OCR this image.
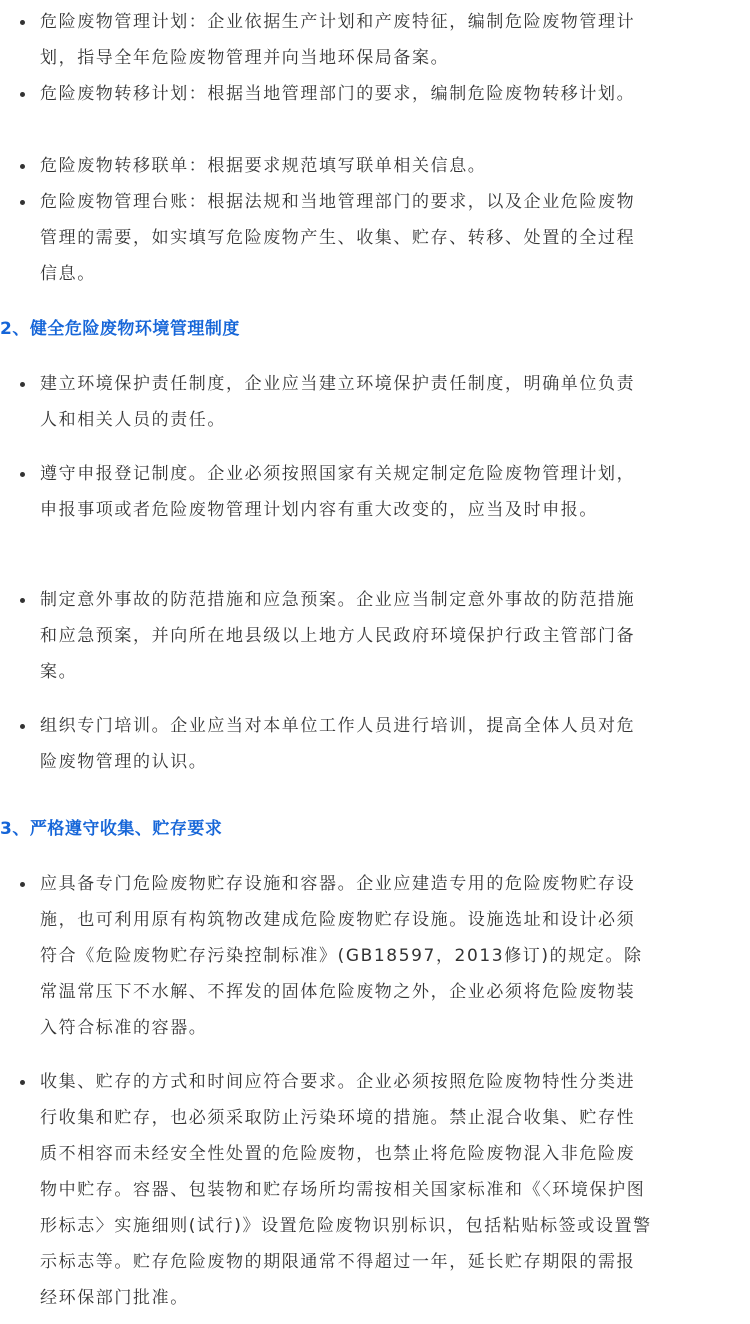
危险废物管理计划：企业依据生产计划和产废特征，编制危险废物管理计划，指导全年危险废物管理并向当地环保局备案。
危险废物转移计划：根据当地管理部门的要求，编制危险废物转移计划。
危险废物转移联单：根据要求规范填写联单相关信息。
危险废物管理台账：根据法规和当地管理部门的要求，以及企业危险废物管理的需要，如实填写危险废物产生、收集、贮存、转移、处置的全过程信息。
2、健全危险废物环境管理制度
建立环境保护责任制度，企业应当建立环境保护责任制度，明确单位负责人和相关人员的责任。
遵守申报登记制度。企业必须按照国家有关规定制定危险废物管理计划，申报事项或者危险废物管理计划内容有重大改变的，应当及时申报。
制定意外事故的防范措施和应急预案。企业应当制定意外事故的防范措施和应急预案，并向所在地县级以上地方人民政府环境保护行政主管部门备案。
组织专门培训。企业应当对本单位工作人员进行培训，提高全体人员对危险废物管理的认识。
3、严格遵守收集、贮存要求
应具备专门危险废物贮存设施和容器。企业应建造专用的危险废物贮存设施，也可利用原有构筑物改建成危险废物贮存设施。设施选址和设计必须符合《危险废物贮存污染控制标准》(GB18597，2013修订)的规定。除常温常压下不水解、不挥发的固体危险废物之外，企业必须将危险废物装入符合标准的容器。
收集、贮存的方式和时间应符合要求。企业必须按照危险废物特性分类进行收集和贮存，也必须采取防止污染环境的措施。禁止混合收集、贮存性质不相容而未经安全性处置的危险废物，也禁止将危险废物混入非危险废物中贮存。容器、包装物和贮存场所均需按相关国家标准和《〈环境保护图形标志〉实施细则(试行)》设置危险废物识别标识，包括粘贴标签或设置警示标志等。贮存危险废物的期限通常不得超过一年，延长贮存期限的需报经环保部门批准。
